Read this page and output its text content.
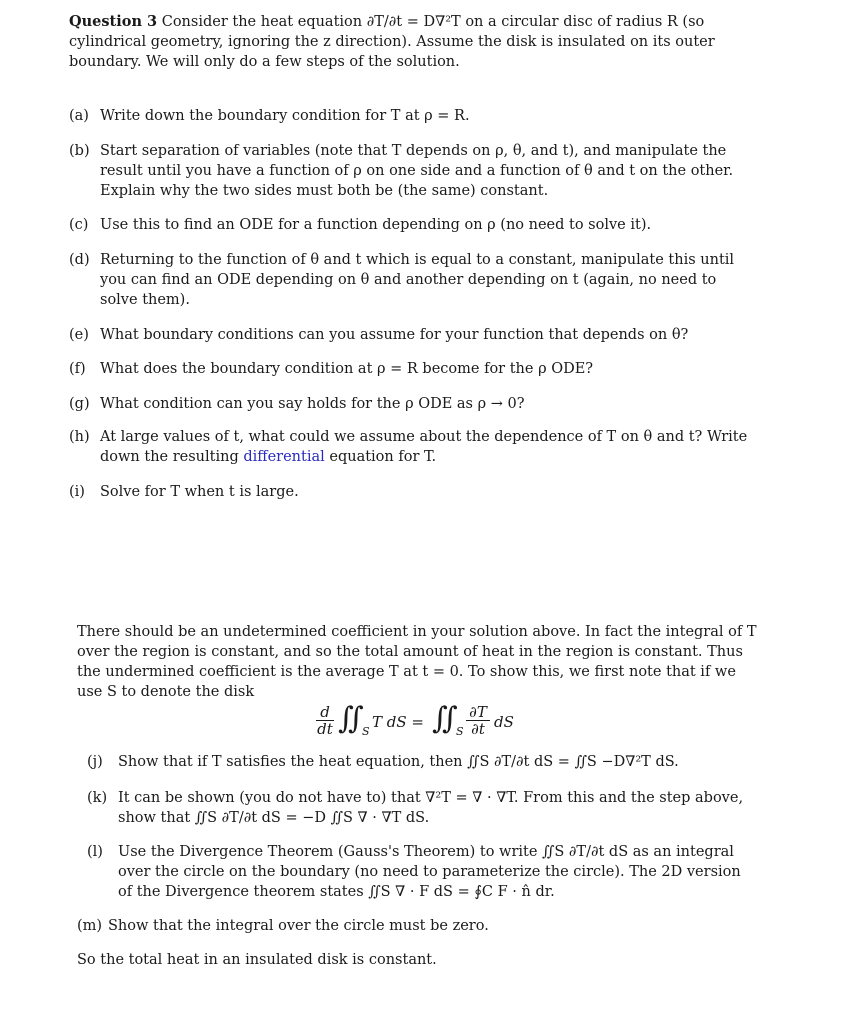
Question 3 Consider the heat equation ∂T/∂t = D∇²T on a circular disc of radius R (so cylindrical geometry, ignoring the z direction). Assume the disk is insulated on its outer boundary. We will only do a few steps of the solution.
(a) Write down the boundary condition for T at ρ = R.
(b) Start separation of variables (note that T depends on ρ, θ, and t), and manipulate the result until you have a function of ρ on one side and a function of θ and t on the other. Explain why the two sides must both be (the same) constant.
(c) Use this to find an ODE for a function depending on ρ (no need to solve it).
(d) Returning to the function of θ and t which is equal to a constant, manipulate this until you can find an ODE depending on θ and another depending on t (again, no need to solve them).
(e) What boundary conditions can you assume for your function that depends on θ?
(f) What does the boundary condition at ρ = R become for the ρ ODE?
(g) What condition can you say holds for the ρ ODE as ρ → 0?
(h) At large values of t, what could we assume about the dependence of T on θ and t? Write down the resulting differential equation for T.
(i)	Solve for T when t is large.
There should be an undetermined coefficient in your solution above. In fact the integral of T over the region is constant, and so the total amount of heat in the region is constant. Thus the undermined coefficient is the average T at t = 0. To show this, we first note that if we use S to denote the disk
$\frac{d}{dt}$ ∬
S
T dS = ∬
S $\frac{\partial T}{\partial t}$ dS
(j)	Show that if T satisfies the heat equation, then ∬S ∂T/∂t dS = ∬S −D∇²T dS.
(k) It can be shown (you do not have to) that ∇²T = ∇ · ∇T. From this and the step above, show that ∬S ∂T/∂t dS = −D ∬S ∇ · ∇T dS.
(l)	Use the Divergence Theorem (Gauss's Theorem) to write ∬S ∂T/∂t dS as an integral over the circle on the boundary (no need to parameterize the circle). The 2D version of the Divergence theorem states ∬S ∇ · F dS = ∮C F · n̂ dr.
(m) Show that the integral over the circle must be zero.
So the total heat in an insulated disk is constant.
